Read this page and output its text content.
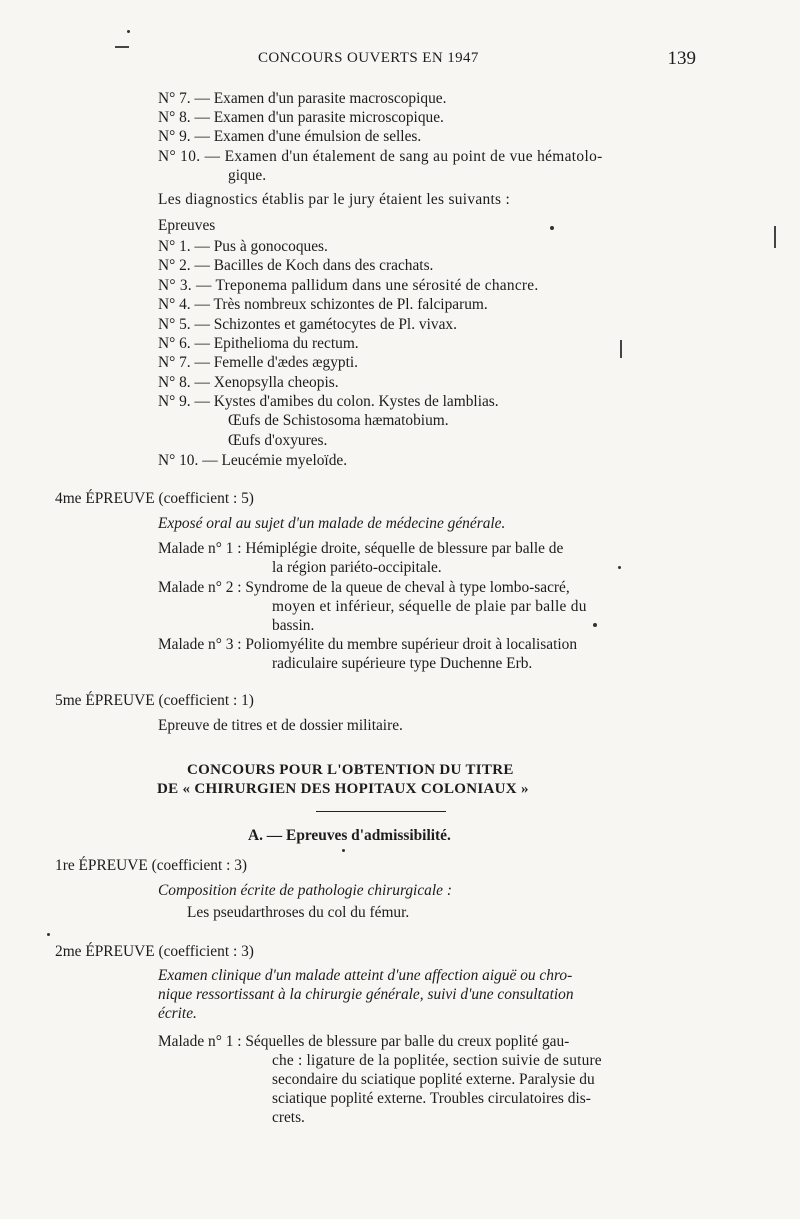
CONCOURS OUVERTS EN 1947	139
N° 7. — Examen d'un parasite macroscopique.
N° 8. — Examen d'un parasite microscopique.
N° 9. — Examen d'une émulsion de selles.
N° 10. — Examen d'un étalement de sang au point de vue hématolo-
gique.
Les diagnostics établis par le jury étaient les suivants :
Epreuves
N° 1. — Pus à gonocoques.
N° 2. — Bacilles de Koch dans des crachats.
N° 3. — Treponema pallidum dans une sérosité de chancre.
N° 4. — Très nombreux schizontes de Pl. falciparum.
N° 5. — Schizontes et gamétocytes de Pl. vivax.
N° 6. — Epithelioma du rectum.
N° 7. — Femelle d'ædes ægypti.
N° 8. — Xenopsylla cheopis.
N° 9. — Kystes d'amibes du colon. Kystes de lamblias.
Œufs de Schistosoma hæmatobium.
Œufs d'oxyures.
N° 10. — Leucémie myeloïde.
4me ÉPREUVE (coefficient : 5)
Exposé oral au sujet d'un malade de médecine générale.
Malade n° 1 : Hémiplégie droite, séquelle de blessure par balle de
la région pariéto-occipitale.
Malade n° 2 : Syndrome de la queue de cheval à type lombo-sacré,
moyen et inférieur, séquelle de plaie par balle du
bassin.
Malade n° 3 : Poliomyélite du membre supérieur droit à localisation
radiculaire supérieure type Duchenne Erb.
5me ÉPREUVE (coefficient : 1)
Epreuve de titres et de dossier militaire.
CONCOURS POUR L'OBTENTION DU TITRE
DE « CHIRURGIEN DES HOPITAUX COLONIAUX »
A. — Epreuves d'admissibilité.
1re ÉPREUVE (coefficient : 3)
Composition écrite de pathologie chirurgicale :
Les pseudarthroses du col du fémur.
2me ÉPREUVE (coefficient : 3)
Examen clinique d'un malade atteint d'une affection aiguë ou chro-
nique ressortissant à la chirurgie générale, suivi d'une consultation
écrite.
Malade n° 1 : Séquelles de blessure par balle du creux poplité gau-
che : ligature de la poplitée, section suivie de suture
secondaire du sciatique poplité externe. Paralysie du
sciatique poplité externe. Troubles circulatoires dis-
crets.
